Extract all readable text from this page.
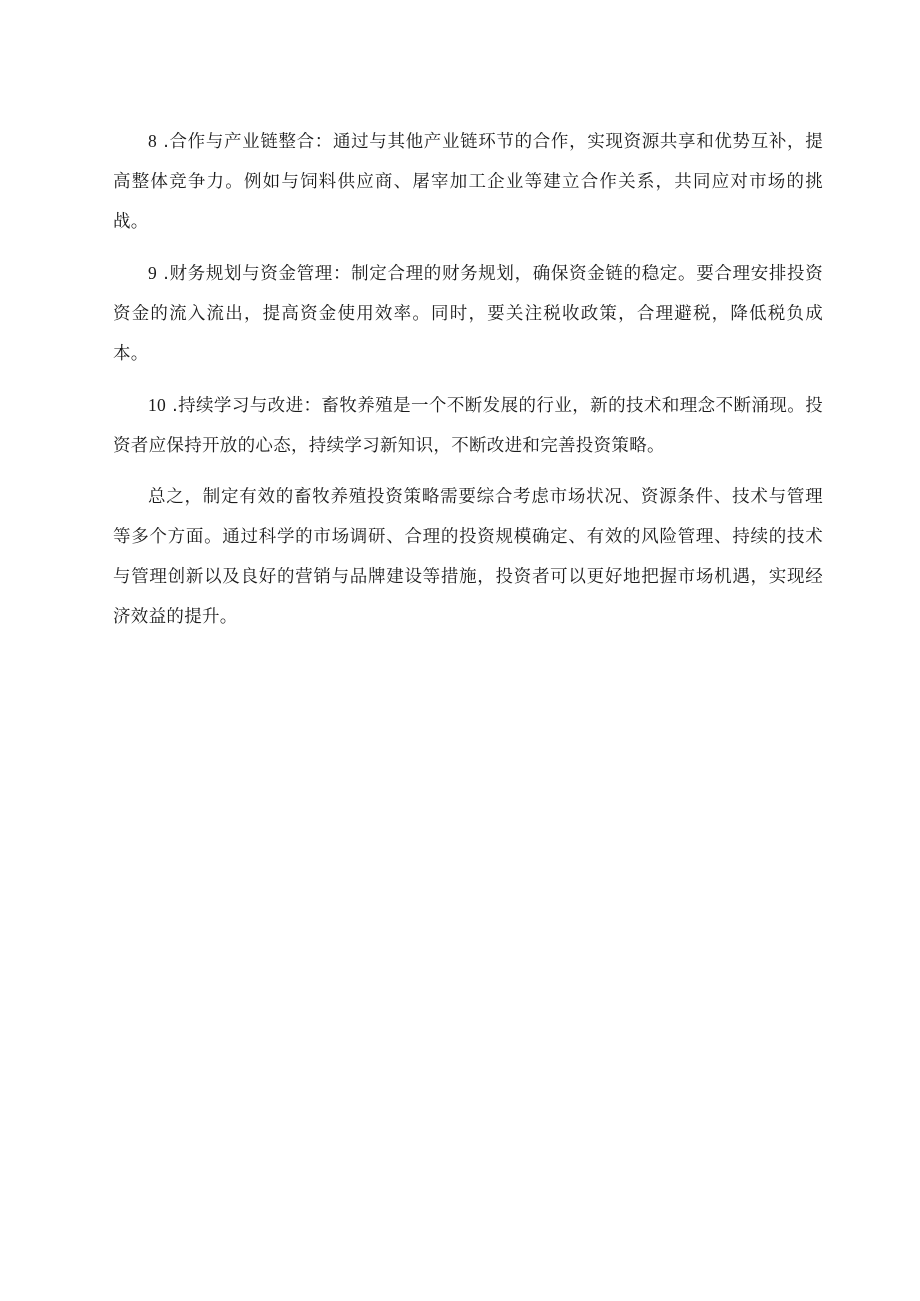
8 .合作与产业链整合：通过与其他产业链环节的合作，实现资源共享和优势互补，提高整体竞争力。例如与饲料供应商、屠宰加工企业等建立合作关系，共同应对市场的挑战。

9 .财务规划与资金管理：制定合理的财务规划，确保资金链的稳定。要合理安排投资资金的流入流出，提高资金使用效率。同时，要关注税收政策，合理避税，降低税负成本。

10 .持续学习与改进：畜牧养殖是一个不断发展的行业，新的技术和理念不断涌现。投资者应保持开放的心态，持续学习新知识，不断改进和完善投资策略。

总之，制定有效的畜牧养殖投资策略需要综合考虑市场状况、资源条件、技术与管理等多个方面。通过科学的市场调研、合理的投资规模确定、有效的风险管理、持续的技术与管理创新以及良好的营销与品牌建设等措施，投资者可以更好地把握市场机遇，实现经济效益的提升。
